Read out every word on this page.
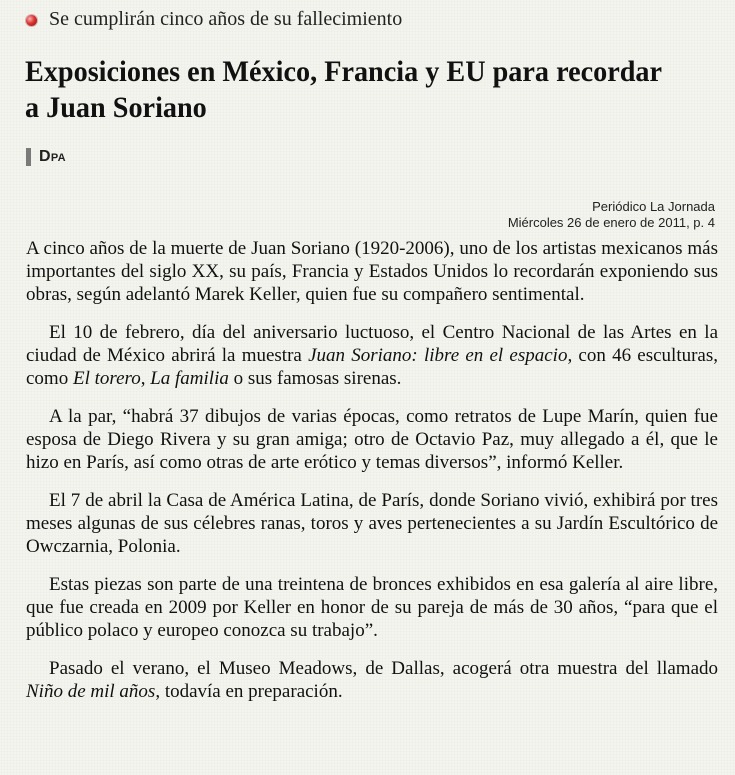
Se cumplirán cinco años de su fallecimiento
Exposiciones en México, Francia y EU para recordar a Juan Soriano
Dpa
Periódico La Jornada
Miércoles 26 de enero de 2011, p. 4

A cinco años de la muerte de Juan Soriano (1920-2006), uno de los artistas mexicanos más importantes del siglo XX, su país, Francia y Estados Unidos lo recordarán exponiendo sus obras, según adelantó Marek Keller, quien fue su compañero sentimental.

El 10 de febrero, día del aniversario luctuoso, el Centro Nacional de las Artes en la ciudad de México abrirá la muestra Juan Soriano: libre en el espacio, con 46 esculturas, como El torero, La familia o sus famosas sirenas.

A la par, “habrá 37 dibujos de varias épocas, como retratos de Lupe Marín, quien fue esposa de Diego Rivera y su gran amiga; otro de Octavio Paz, muy allegado a él, que le hizo en París, así como otras de arte erótico y temas diversos”, informó Keller.

El 7 de abril la Casa de América Latina, de París, donde Soriano vivió, exhibirá por tres meses algunas de sus célebres ranas, toros y aves pertenecientes a su Jardín Escultórico de Owczarnia, Polonia.

Estas piezas son parte de una treintena de bronces exhibidos en esa galería al aire libre, que fue creada en 2009 por Keller en honor de su pareja de más de 30 años, “para que el público polaco y europeo conozca su trabajo”.

Pasado el verano, el Museo Meadows, de Dallas, acogerá otra muestra del llamado Niño de mil años, todavía en preparación.
